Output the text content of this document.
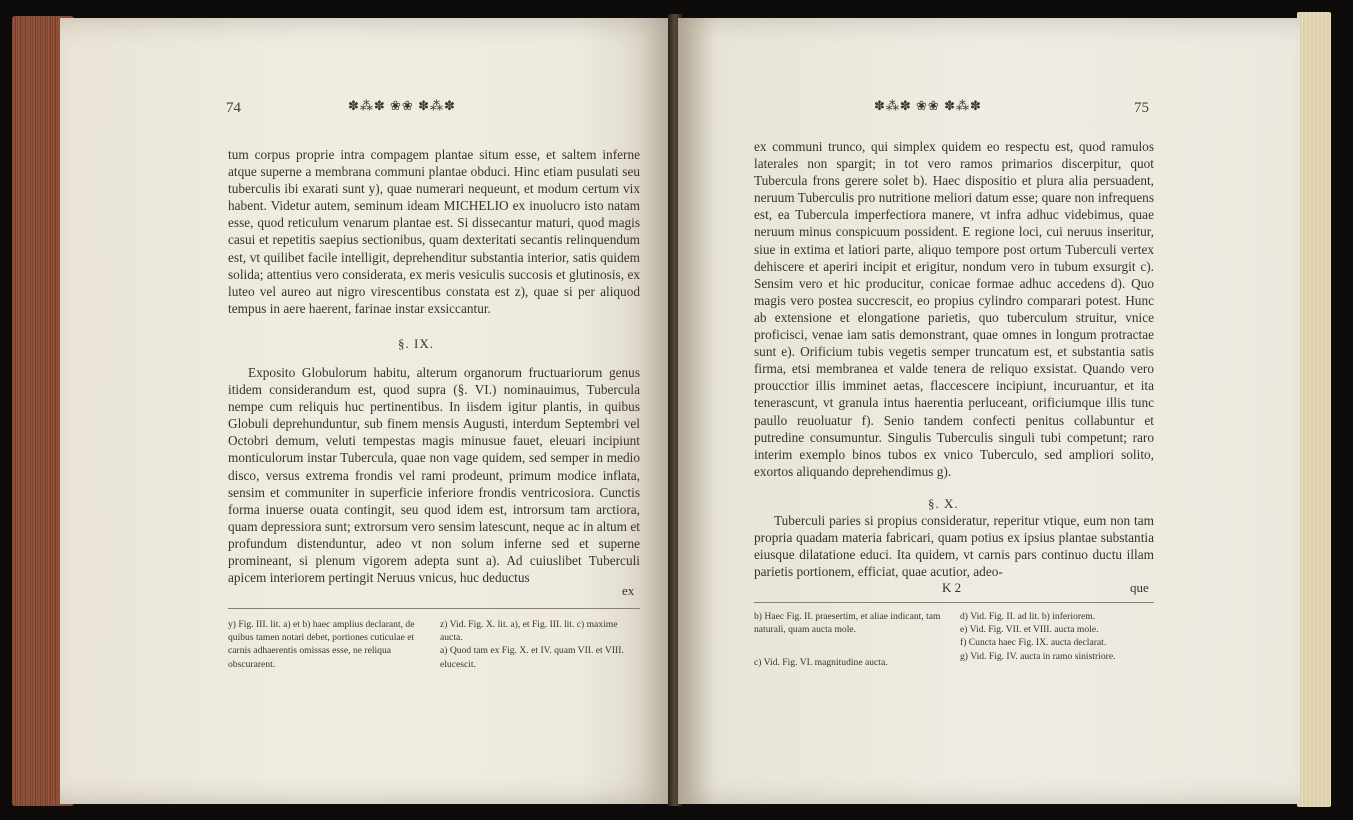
74	✽⁂✽ ❀❀ ✽⁂✽

tum corpus proprie intra compagem plantae situm esse, et saltem inferne atque superne a membrana communi plantae obduci. Hinc etiam pusulati seu tuberculis ibi exarati sunt y), quae numerari nequeunt, et modum certum vix habent. Videtur autem, seminum ideam MICHELIO ex inuolucro isto natam esse, quod reticulum venarum plantae est. Si dissecantur maturi, quod magis casui et repetitis saepius sectionibus, quam dexteritati secantis relinquendum est, vt quilibet facile intelligit, deprehenditur substantia interior, satis quidem solida; attentius vero considerata, ex meris vesiculis succosis et glutinosis, ex luteo vel aureo aut nigro virescentibus constata est z), quae si per aliquod tempus in aere haerent, farinae instar exsiccantur.

§. IX.

Exposito Globulorum habitu, alterum organorum fructuariorum genus itidem considerandum est, quod supra (§. VI.) nominauimus, Tubercula nempe cum reliquis huc pertinentibus. In iisdem igitur plantis, in quibus Globuli deprehunduntur, sub finem mensis Augusti, interdum Septembri vel Octobri demum, veluti tempestas magis minusue fauet, eleuari incipiunt monticulorum instar Tubercula, quae non vage quidem, sed semper in medio disco, versus extrema frondis vel rami prodeunt, primum modice inflata, sensim et communiter in superficie inferiore frondis ventricosiora. Cunctis forma inuerse ouata contingit, seu quod idem est, introrsum tam arctiora, quam depressiora sunt; extrorsum vero sensim latescunt, neque ac in altum et profundum distenduntur, adeo vt non solum inferne sed et superne promineant, si plenum vigorem adepta sunt a). Ad cuiuslibet Tuberculi apicem interiorem pertingit Neruus vnicus, huc deductus

ex
y) Fig. III. lit. a) et b) haec amplius declarant, de quibus tamen notari debet, portiones cuticulae et carnis adhaerentis omissas esse, ne reliqua obscurarent.
z) Vid. Fig. X. lit. a), et Fig. III. lit. c) maxime aucta.
a) Quod tam ex Fig. X. et IV. quam VII. et VIII. elucescit.
✽⁂✽ ❀❀ ✽⁂✽	75

ex communi trunco, qui simplex quidem eo respectu est, quod ramulos laterales non spargit; in tot vero ramos primarios discerpitur, quot Tubercula frons gerere solet b). Haec dispositio et plura alia persuadent, neruum Tuberculis pro nutritione meliori datum esse; quare non infrequens est, ea Tubercula imperfectiora manere, vt infra adhuc videbimus, quae neruum minus conspicuum possident. E regione loci, cui neruus inseritur, siue in extima et latiori parte, aliquo tempore post ortum Tuberculi vertex dehiscere et aperiri incipit et erigitur, nondum vero in tubum exsurgit c). Sensim vero et hic producitur, conicae formae adhuc accedens d). Quo magis vero postea succrescit, eo propius cylindro comparari potest. Hunc ab extensione et elongatione parietis, quo tuberculum struitur, vnice proficisci, venae iam satis demonstrant, quae omnes in longum protractae sunt e). Orificium tubis vegetis semper truncatum est, et substantia satis firma, etsi membranea et valde tenera de reliquo exsistat. Quando vero proucctior illis imminet aetas, flaccescere incipiunt, incuruantur, et ita tenerascunt, vt granula intus haerentia perluceant, orificiumque illis tunc paullo reuoluatur f). Senio tandem confecti penitus collabuntur et putredine consumuntur. Singulis Tuberculis singuli tubi competunt; raro interim exemplo binos tubos ex vnico Tuberculo, sed ampliori solito, exortos aliquando deprehendimus g).

§. X.

Tuberculi paries si propius consideratur, reperitur vtique, eum non tam propria quadam materia fabricari, quam potius ex ipsius plantae substantia eiusque dilatatione educi. Ita quidem, vt carnis pars continuo ductu illam parietis portionem, efficiat, quae acutior, adeo-

K 2	que
b) Haec Fig. II. praesertim, et aliae indicant, tam naturali, quam aucta mole.
c) Vid. Fig. VI. magnitudine aucta.
d) Vid. Fig. II. ad lit. b) inferiorem.
e) Vid. Fig. VII. et VIII. aucta mole.
f) Cuncta haec Fig. IX. aucta declarat.
g) Vid. Fig. IV. aucta in ramo sinistriore.
